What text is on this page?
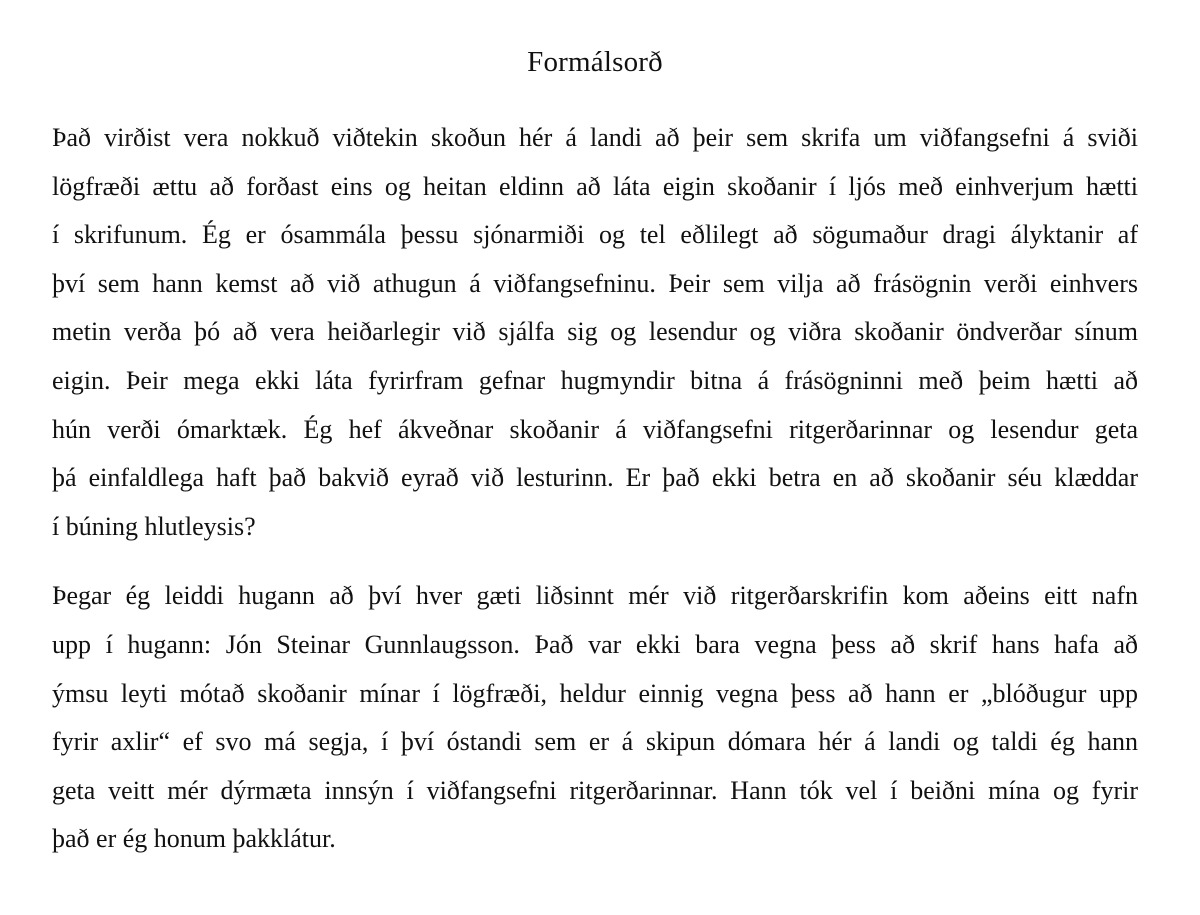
Formálsorð
Það virðist vera nokkuð viðtekin skoðun hér á landi að þeir sem skrifa um viðfangsefni á sviði
lögfræði ættu að forðast eins og heitan eldinn að láta eigin skoðanir í ljós með einhverjum hætti
í skrifunum. Ég er ósammála þessu sjónarmiði og tel eðlilegt að sögumaður dragi ályktanir af
því sem hann kemst að við athugun á viðfangsefninu. Þeir sem vilja að frásögnin verði einhvers
metin verða þó að vera heiðarlegir við sjálfa sig og lesendur og viðra skoðanir öndverðar sínum
eigin. Þeir mega ekki láta fyrirfram gefnar hugmyndir bitna á frásögninni með þeim hætti að
hún verði ómarktæk. Ég hef ákveðnar skoðanir á viðfangsefni ritgerðarinnar og lesendur geta
þá einfaldlega haft það bakvið eyrað við lesturinn. Er það ekki betra en að skoðanir séu klæddar
í búning hlutleysis?
Þegar ég leiddi hugann að því hver gæti liðsinnt mér við ritgerðarskrifin kom aðeins eitt nafn
upp í hugann: Jón Steinar Gunnlaugsson. Það var ekki bara vegna þess að skrif hans hafa að
ýmsu leyti mótað skoðanir mínar í lögfræði, heldur einnig vegna þess að hann er „blóðugur upp
fyrir axlir“ ef svo má segja, í því óstandi sem er á skipun dómara hér á landi og taldi ég hann
geta veitt mér dýrmæta innsýn í viðfangsefni ritgerðarinnar. Hann tók vel í beiðni mína og fyrir
það er ég honum þakklátur.
